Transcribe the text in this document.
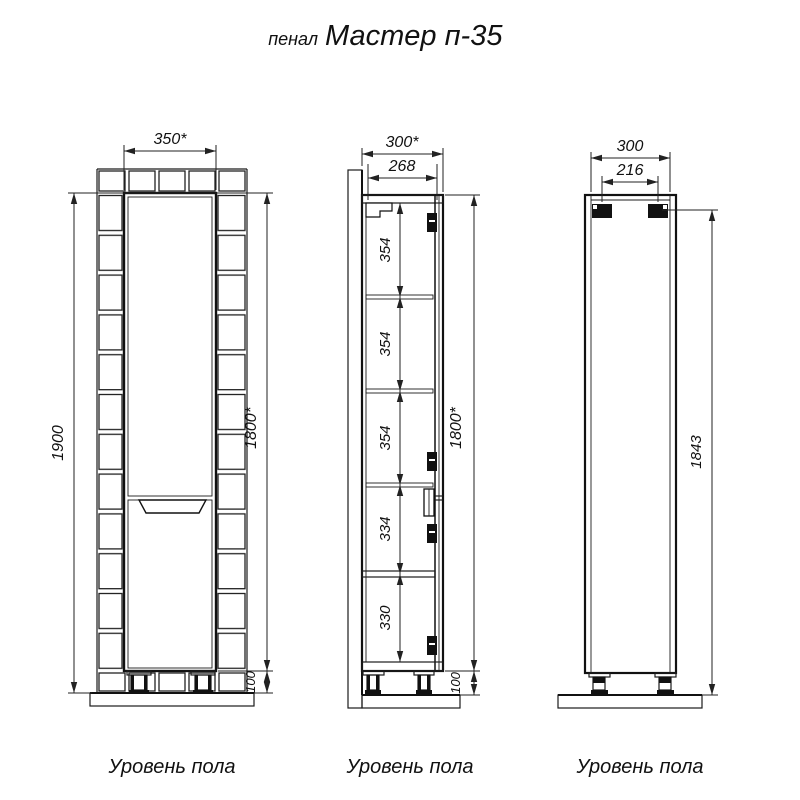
пенал Мастер п-35
350*
1900	1800*
100
Уровень пола
300*
268
354
354
354
334
330
1800*
100
Уровень пола
300
216
1843
Уровень пола
